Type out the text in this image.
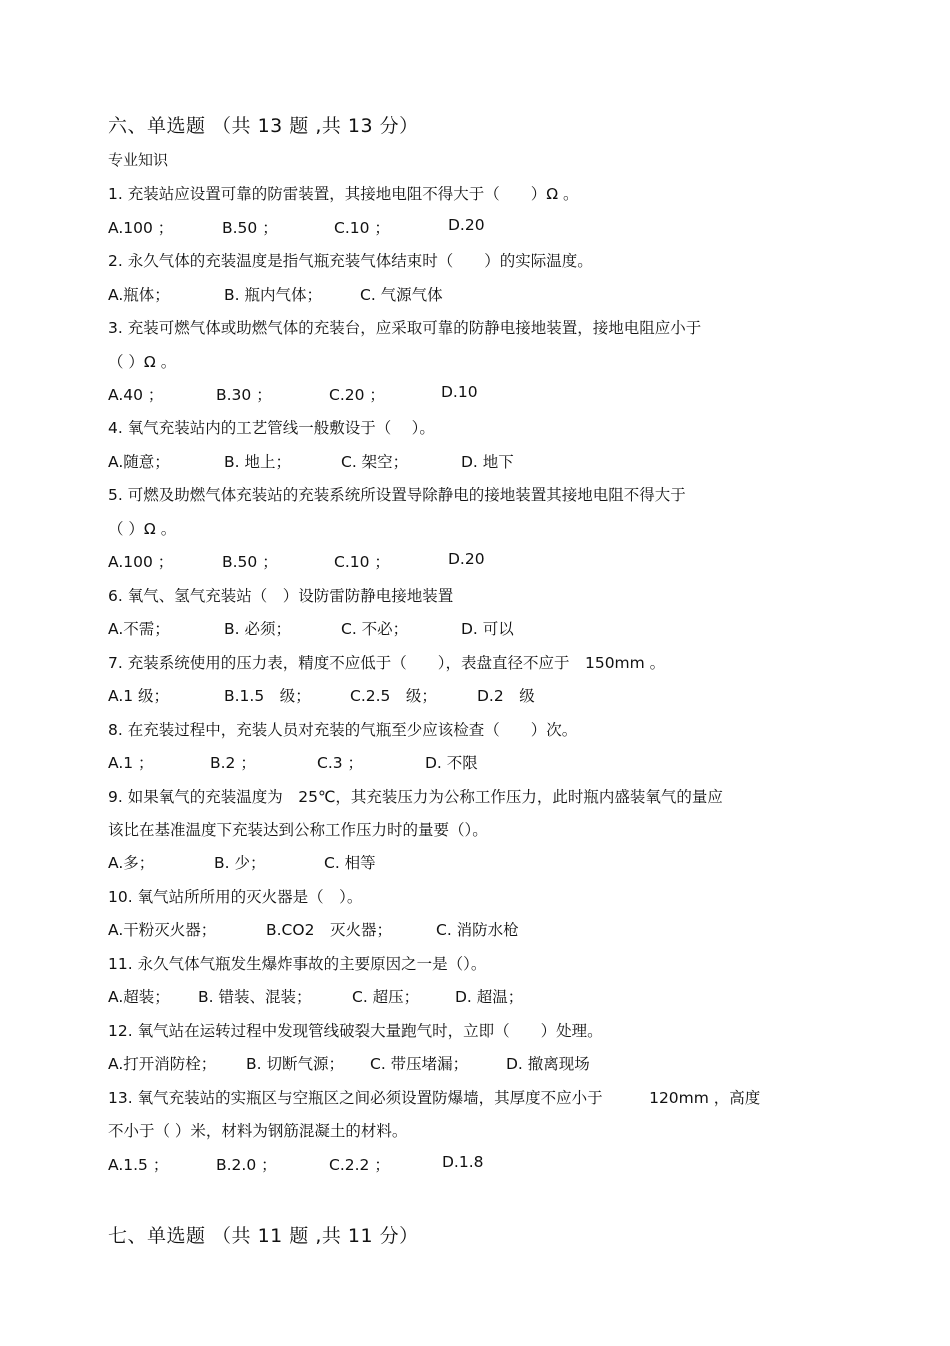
六、单选题 （共 13 题 ,共 13 分）
专业知识
1. 充装站应设置可靠的防雷装置，其接地电阻不得大于（　　）Ω 。
A.100 ；	B.50 ；	C.10 ；	D.20
2. 永久气体的充装温度是指气瓶充装气体结束时（　　）的实际温度。
A.瓶体；	B. 瓶内气体； C. 气源气体
3. 充装可燃气体或助燃气体的充装台，应采取可靠的防静电接地装置，接地电阻应小于
（ ）Ω 。
A.40 ；	B.30 ；	C.20 ；	D.10
4. 氧气充装站内的工艺管线一般敷设于（　 ）。
A.随意；	B. 地上；	C. 架空；	D. 地下
5. 可燃及助燃气体充装站的充装系统所设置导除静电的接地装置其接地电阻不得大于
（ ）Ω 。
A.100 ；	B.50 ；	C.10 ；	D.20
6. 氧气、氢气充装站（　）设防雷防静电接地装置
A.不需；	B. 必须；	C. 不必；	D. 可以
7. 充装系统使用的压力表，精度不应低于（　　），表盘直径不应于　150mm 。
A.1 级；	B.1.5　级；	C.2.5　级；	D.2　级
8. 在充装过程中，充装人员对充装的气瓶至少应该检查（　　）次。
A.1 ；	B.2 ；	C.3 ；	D. 不限
9. 如果氧气的充装温度为　25℃，其充装压力为公称工作压力，此时瓶内盛装氧气的量应
该比在基准温度下充装达到公称工作压力时的量要（）。
A.多；	B. 少；	C. 相等
10. 氧气站所所用的灭火器是（　）。
A.干粉灭火器；	B.CO2　灭火器；	C. 消防水枪
11. 永久气体气瓶发生爆炸事故的主要原因之一是（）。
A.超装； B. 错装、混装；	C. 超压； D. 超温；
12. 氧气站在运转过程中发现管线破裂大量跑气时，立即（　　）处理。
A.打开消防栓； B. 切断气源； C. 带压堵漏； D. 撤离现场
13. 氧气充装站的实瓶区与空瓶区之间必须设置防爆墙，其厚度不应小于　　　120mm ，高度
不小于（ ）米，材料为钢筋混凝土的材料。
A.1.5 ；	B.2.0 ；	C.2.2 ；	D.1.8
七、单选题 （共 11 题 ,共 11 分）
